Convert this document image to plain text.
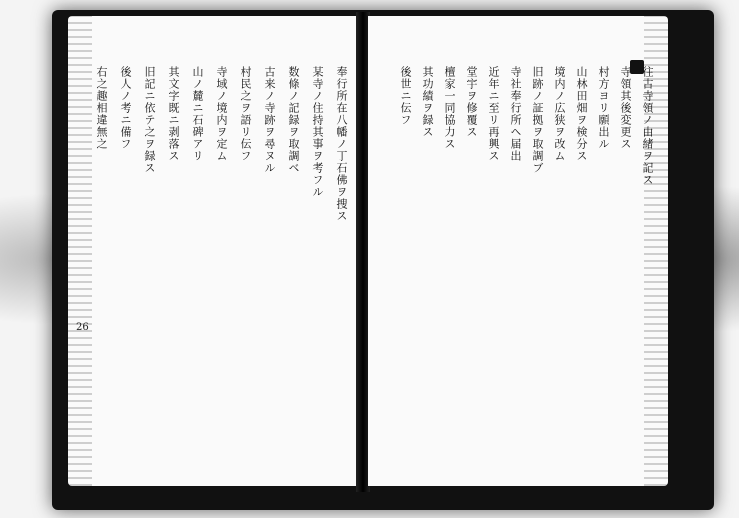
奉行所在八幡ノ丁石佛ヲ捜ス
某寺ノ住持其事ヲ考フル
数條ノ記録ヲ取調ベ
古来ノ寺跡ヲ尋ヌル
村民之ヲ語リ伝フ
寺域ノ境内ヲ定ム
山ノ麓ニ石碑アリ
其文字既ニ剥落ス
旧記ニ依テ之ヲ録ス
後人ノ考ニ備フ
右之趣相違無之
26
往古寺領ノ由緒ヲ記ス
寺領其後変更ス
村方ヨリ願出ル
山林田畑ヲ検分ス
境内ノ広狭ヲ改ム
旧跡ノ証拠ヲ取調ブ
寺社奉行所ヘ届出
近年ニ至リ再興ス
堂宇ヲ修覆ス
檀家一同協力ス
其功績ヲ録ス
後世ニ伝フ
